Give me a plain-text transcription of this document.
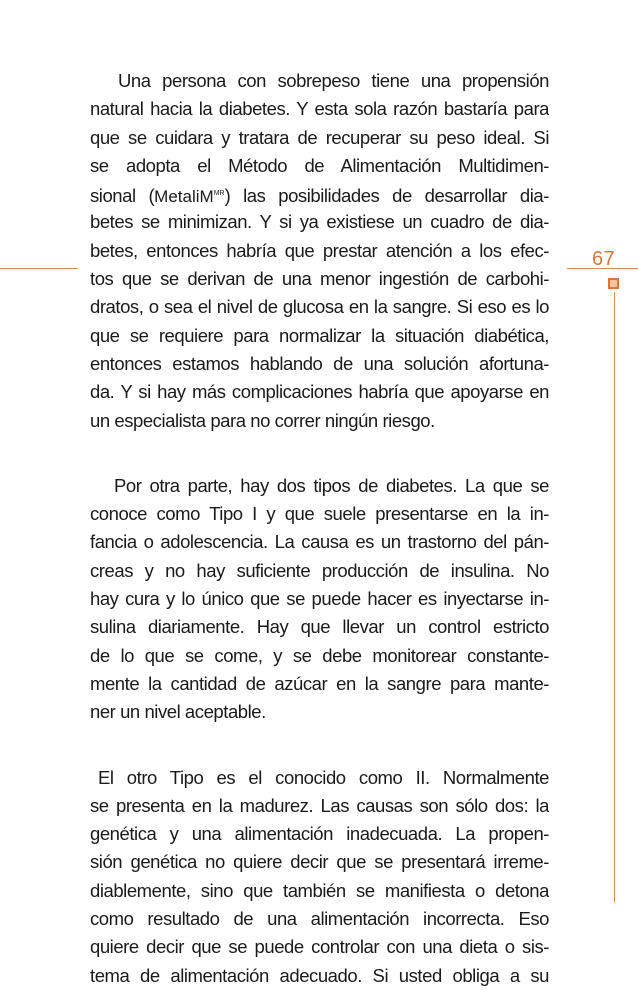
67
Una persona con sobrepeso tiene una propensión
natural hacia la diabetes. Y esta sola razón bastaría para
que se cuidara y tratara de recuperar su peso ideal. Si
se adopta el Método de Alimentación Multidimen-
sional (MetaliM$^{MR}$) las posibilidades de desarrollar dia-
betes se minimizan. Y si ya existiese un cuadro de dia-
betes, entonces habría que prestar atención a los efec-
tos que se derivan de una menor ingestión de carbohi-
dratos, o sea el nivel de glucosa en la sangre. Si eso es lo
que se requiere para normalizar la situación diabética,
entonces estamos hablando de una solución afortuna-
da. Y si hay más complicaciones habría que apoyarse en
un especialista para no correr ningún riesgo.
Por otra parte, hay dos tipos de diabetes. La que se
conoce como Tipo I y que suele presentarse en la in-
fancia o adolescencia. La causa es un trastorno del pán-
creas y no hay suficiente producción de insulina. No
hay cura y lo único que se puede hacer es inyectarse in-
sulina diariamente. Hay que llevar un control estricto
de lo que se come, y se debe monitorear constante-
mente la cantidad de azúcar en la sangre para mante-
ner un nivel aceptable.
El otro Tipo es el conocido como II. Normalmente
se presenta en la madurez. Las causas son sólo dos: la
genética y una alimentación inadecuada. La propen-
sión genética no quiere decir que se presentará irreme-
diablemente, sino que también se manifiesta o detona
como resultado de una alimentación incorrecta. Eso
quiere decir que se puede controlar con una dieta o sis-
tema de alimentación adecuado. Si usted obliga a su
